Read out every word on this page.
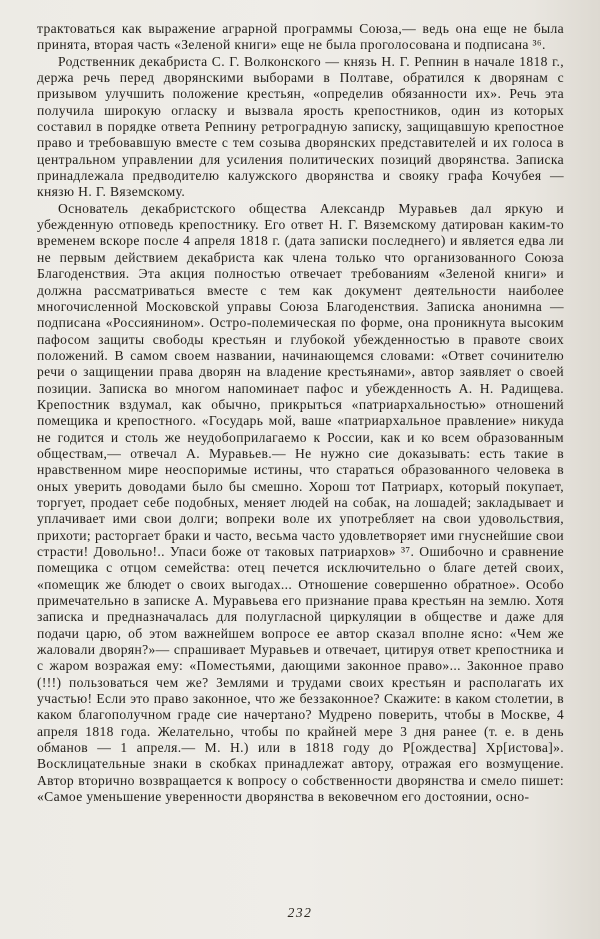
трактоваться как выражение аграрной программы Союза,— ведь она еще не была принята, вторая часть «Зеленой книги» еще не была проголосована и подписана ³⁶.

Родственник декабриста С. Г. Волконского — князь Н. Г. Репнин в начале 1818 г., держа речь перед дворянскими выборами в Полтаве, обратился к дворянам с призывом улучшить положение крестьян, «определив обязанности их». Речь эта получила широкую огласку и вызвала ярость крепостников, один из которых составил в порядке ответа Репнину ретроградную записку, защищавшую крепостное право и требовавшую вместе с тем созыва дворянских представителей и их голоса в центральном управлении для усиления политических позиций дворянства. Записка принадлежала предводителю калужского дворянства и свояку графа Кочубея — князю Н. Г. Вяземскому.

Основатель декабристского общества Александр Муравьев дал яркую и убежденную отповедь крепостнику. Его ответ Н. Г. Вяземскому датирован каким-то временем вскоре после 4 апреля 1818 г. (дата записки последнего) и является едва ли не первым действием декабриста как члена только что организованного Союза Благоденствия. Эта акция полностью отвечает требованиям «Зеленой книги» и должна рассматриваться вместе с тем как документ деятельности наиболее многочисленной Московской управы Союза Благоденствия. Записка анонимна — подписана «Россиянином». Остро-полемическая по форме, она проникнута высоким пафосом защиты свободы крестьян и глубокой убежденностью в правоте своих положений. В самом своем названии, начинающемся словами: «Ответ сочинителю речи о защищении права дворян на владение крестьянами», автор заявляет о своей позиции. Записка во многом напоминает пафос и убежденность А. Н. Радищева. Крепостник вздумал, как обычно, прикрыться «патриархальностью» отношений помещика и крепостного. «Государь мой, ваше «патриархальное правление» никуда не годится и столь же неудобоприлагаемо к России, как и ко всем образованным обществам,— отвечал А. Муравьев.— Не нужно сие доказывать: есть такие в нравственном мире неоспоримые истины, что стараться образованного человека в оных уверить доводами было бы смешно. Хорош тот Патриарх, который покупает, торгует, продает себе подобных, меняет людей на собак, на лошадей; закладывает и уплачивает ими свои долги; вопреки воле их употребляет на свои удовольствия, прихоти; расторгает браки и часто, весьма часто удовлетворяет ими гнуснейшие свои страсти! Довольно!.. Упаси боже от таковых патриархов» ³⁷. Ошибочно и сравнение помещика с отцом семейства: отец печется исключительно о благе детей своих, «помещик же блюдет о своих выгодах... Отношение совершенно обратное». Особо примечательно в записке А. Муравьева его признание права крестьян на землю. Хотя записка и предназначалась для полугласной циркуляции в обществе и даже для подачи царю, об этом важнейшем вопросе ее автор сказал вполне ясно: «Чем же жаловали дворян?»— спрашивает Муравьев и отвечает, цитируя ответ крепостника и с жаром возражая ему: «Поместьями, дающими законное право»... Законное право (!!!) пользоваться чем же? Землями и трудами своих крестьян и располагать их участью! Если это право законное, что же беззаконное? Скажите: в каком столетии, в каком благополучном граде сие начертано? Мудрено поверить, чтобы в Москве, 4 апреля 1818 года. Желательно, чтобы по крайней мере 3 дня ранее (т. е. в день обманов — 1 апреля.— М. Н.) или в 1818 году до Р[ождества] Хр[истова]». Восклицательные знаки в скобках принадлежат автору, отражая его возмущение. Автор вторично возвращается к вопросу о собственности дворянства и смело пишет: «Самое уменьшение уверенности дворянства в вековечном его достоянии, осно-

232
